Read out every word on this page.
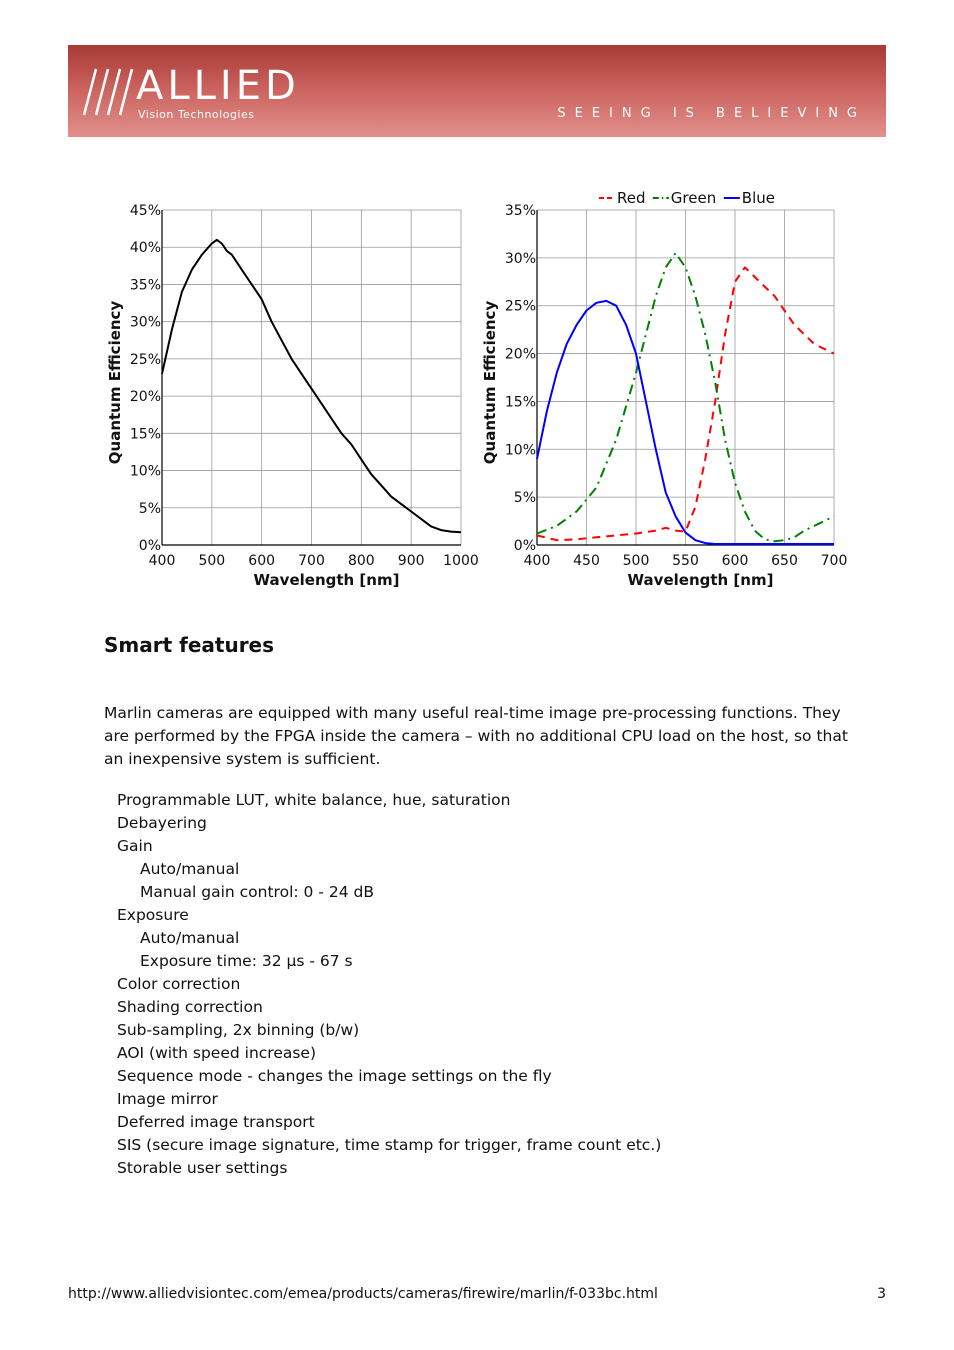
ALLIED
Vision Technologies	SEEING IS BELIEVING
400 500 600 700 800 900 1000
0%
5%
10%
15%
20%
25%
30%
35%
40%
45%
Wavelength [nm]
Quantum Efficiency
400 450 500 550 600 650 700
0%
5%
10%
15%
20%
25%
30%
35%
Wavelength [nm]
Quantum Efficiency
Red Green Blue
Smart features

Marlin cameras are equipped with many useful real-time image pre-processing functions. They are performed by the FPGA inside the camera – with no additional CPU load on the host, so that an inexpensive system is sufficient.

Programmable LUT, white balance, hue, saturation
Debayering
Gain
Auto/manual
Manual gain control: 0 - 24 dB
Exposure
Auto/manual
Exposure time: 32 µs - 67 s
Color correction
Shading correction
Sub-sampling, 2x binning (b/w)
AOI (with speed increase)
Sequence mode - changes the image settings on the fly
Image mirror
Deferred image transport
SIS (secure image signature, time stamp for trigger, frame count etc.)
Storable user settings
http://www.alliedvisiontec.com/emea/products/cameras/firewire/marlin/f-033bc.html	3
